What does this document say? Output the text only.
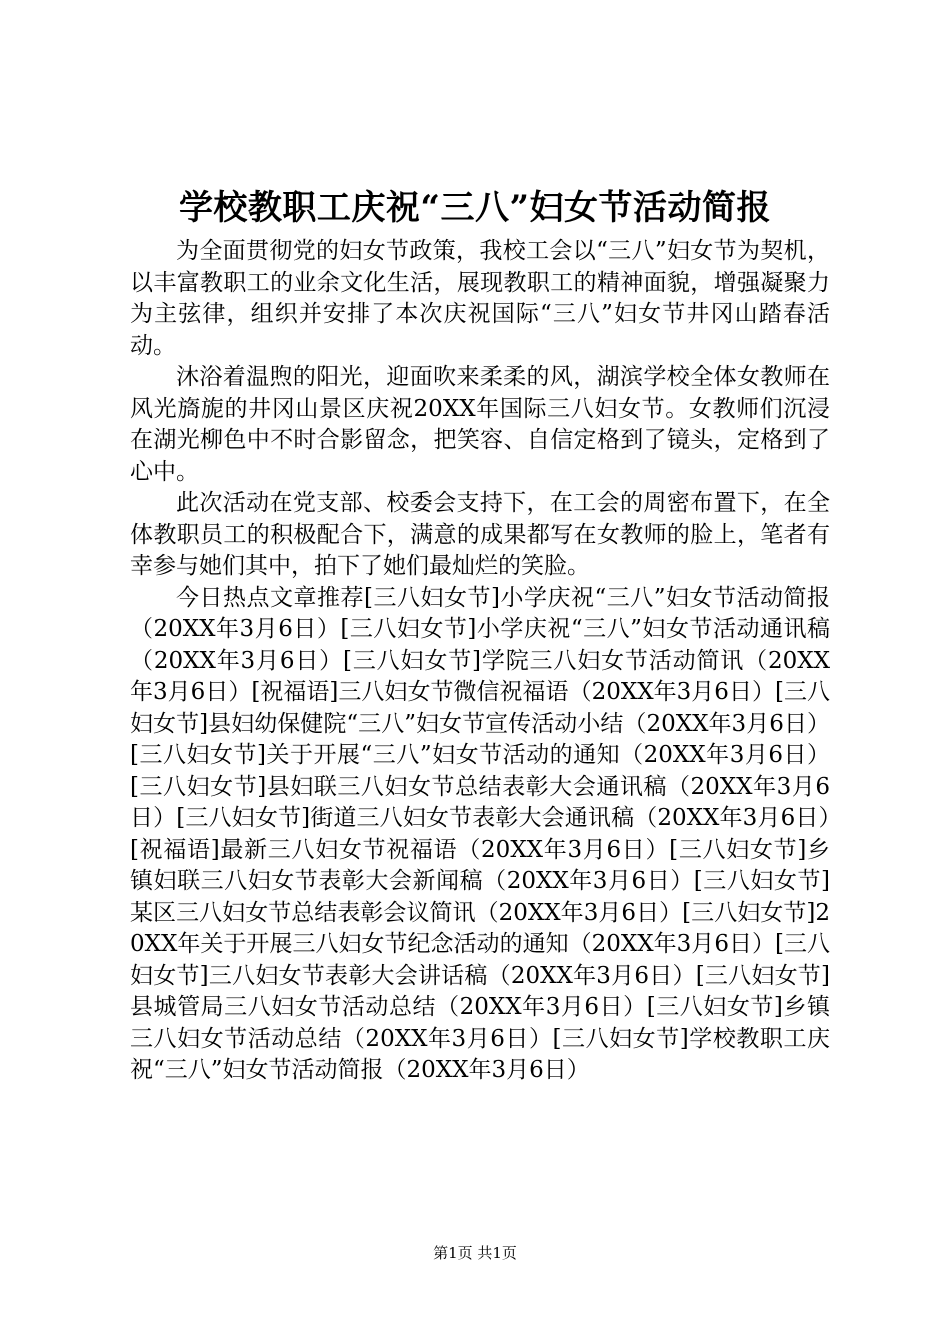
学校教职工庆祝“三八”妇女节活动简报

为全面贯彻党的妇女节政策，我校工会以“三八”妇女节为契机，以丰富教职工的业余文化生活，展现教职工的精神面貌，增强凝聚力为主弦律，组织并安排了本次庆祝国际“三八”妇女节井冈山踏春活动。

沐浴着温煦的阳光，迎面吹来柔柔的风，湖滨学校全体女教师在风光旖旎的井冈山景区庆祝20XX年国际三八妇女节。女教师们沉浸在湖光柳色中不时合影留念，把笑容、自信定格到了镜头，定格到了心中。

此次活动在党支部、校委会支持下，在工会的周密布置下，在全体教职员工的积极配合下，满意的成果都写在女教师的脸上，笔者有幸参与她们其中，拍下了她们最灿烂的笑脸。

今日热点文章推荐[三八妇女节]小学庆祝“三八”妇女节活动简报（20XX年3月6日）[三八妇女节]小学庆祝“三八”妇女节活动通讯稿（20XX年3月6日）[三八妇女节]学院三八妇女节活动简讯（20XX年3月6日）[祝福语]三八妇女节微信祝福语（20XX年3月6日）[三八妇女节]县妇幼保健院“三八”妇女节宣传活动小结（20XX年3月6日）[三八妇女节]关于开展“三八”妇女节活动的通知（20XX年3月6日）[三八妇女节]县妇联三八妇女节总结表彰大会通讯稿（20XX年3月6日）[三八妇女节]街道三八妇女节表彰大会通讯稿（20XX年3月6日）[祝福语]最新三八妇女节祝福语（20XX年3月6日）[三八妇女节]乡镇妇联三八妇女节表彰大会新闻稿（20XX年3月6日）[三八妇女节]某区三八妇女节总结表彰会议简讯（20XX年3月6日）[三八妇女节]20XX年关于开展三八妇女节纪念活动的通知（20XX年3月6日）[三八妇女节]三八妇女节表彰大会讲话稿（20XX年3月6日）[三八妇女节]县城管局三八妇女节活动总结（20XX年3月6日）[三八妇女节]乡镇三八妇女节活动总结（20XX年3月6日）[三八妇女节]学校教职工庆祝“三八”妇女节活动简报（20XX年3月6日）

第1页 共1页
